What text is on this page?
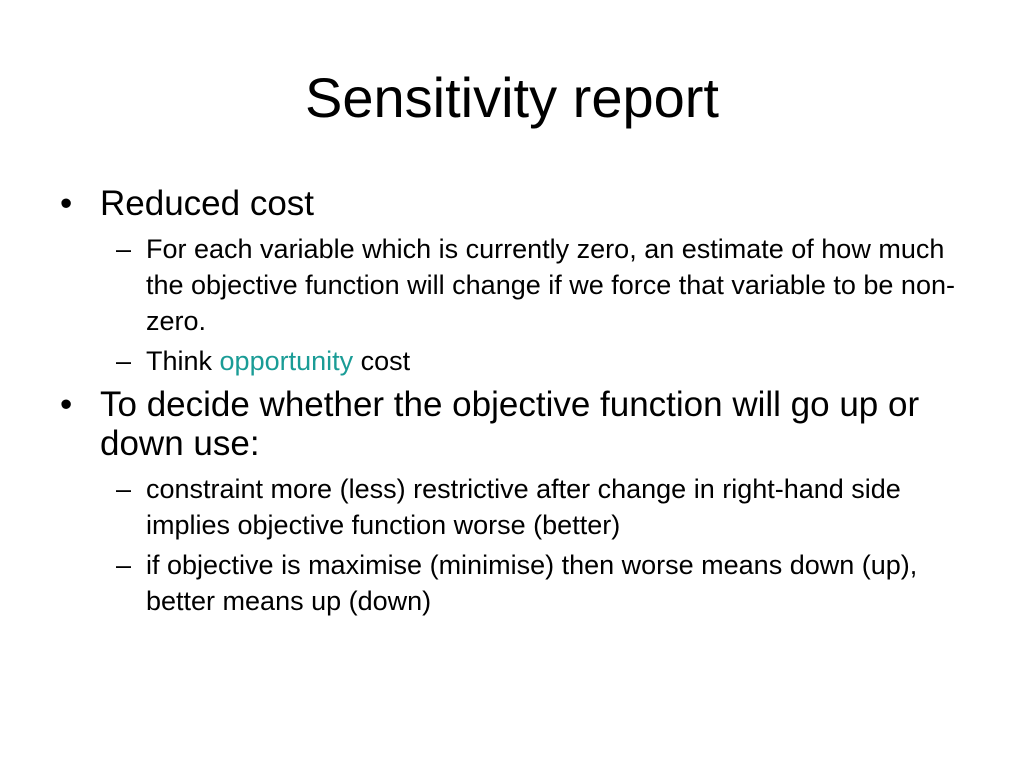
Sensitivity report
• Reduced cost
– For each variable which is currently zero, an estimate of how much the objective function will change if we force that variable to be non-zero.
– Think opportunity cost
• To decide whether the objective function will go up or down use:
– constraint more (less) restrictive after change in right-hand side implies objective function worse (better)
– if objective is maximise (minimise) then worse means down (up), better means up (down)
